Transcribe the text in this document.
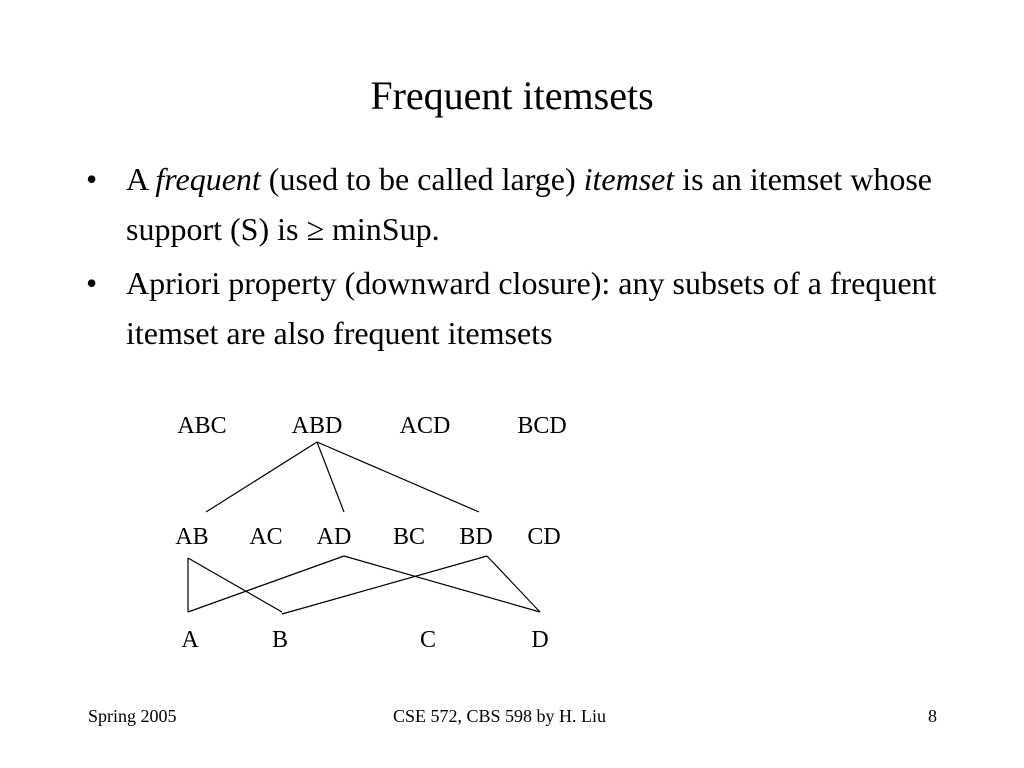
Frequent itemsets
• A frequent (used to be called large) itemset is an itemset whose support (S) is ≥ minSup.
• Apriori property (downward closure): any subsets of a frequent itemset are also frequent itemsets
ABC	ABD ACD	BCD
AB AC AD BC BD CD
A	B	C	D
Spring 2005	CSE 572, CBS 598 by H. Liu	8
